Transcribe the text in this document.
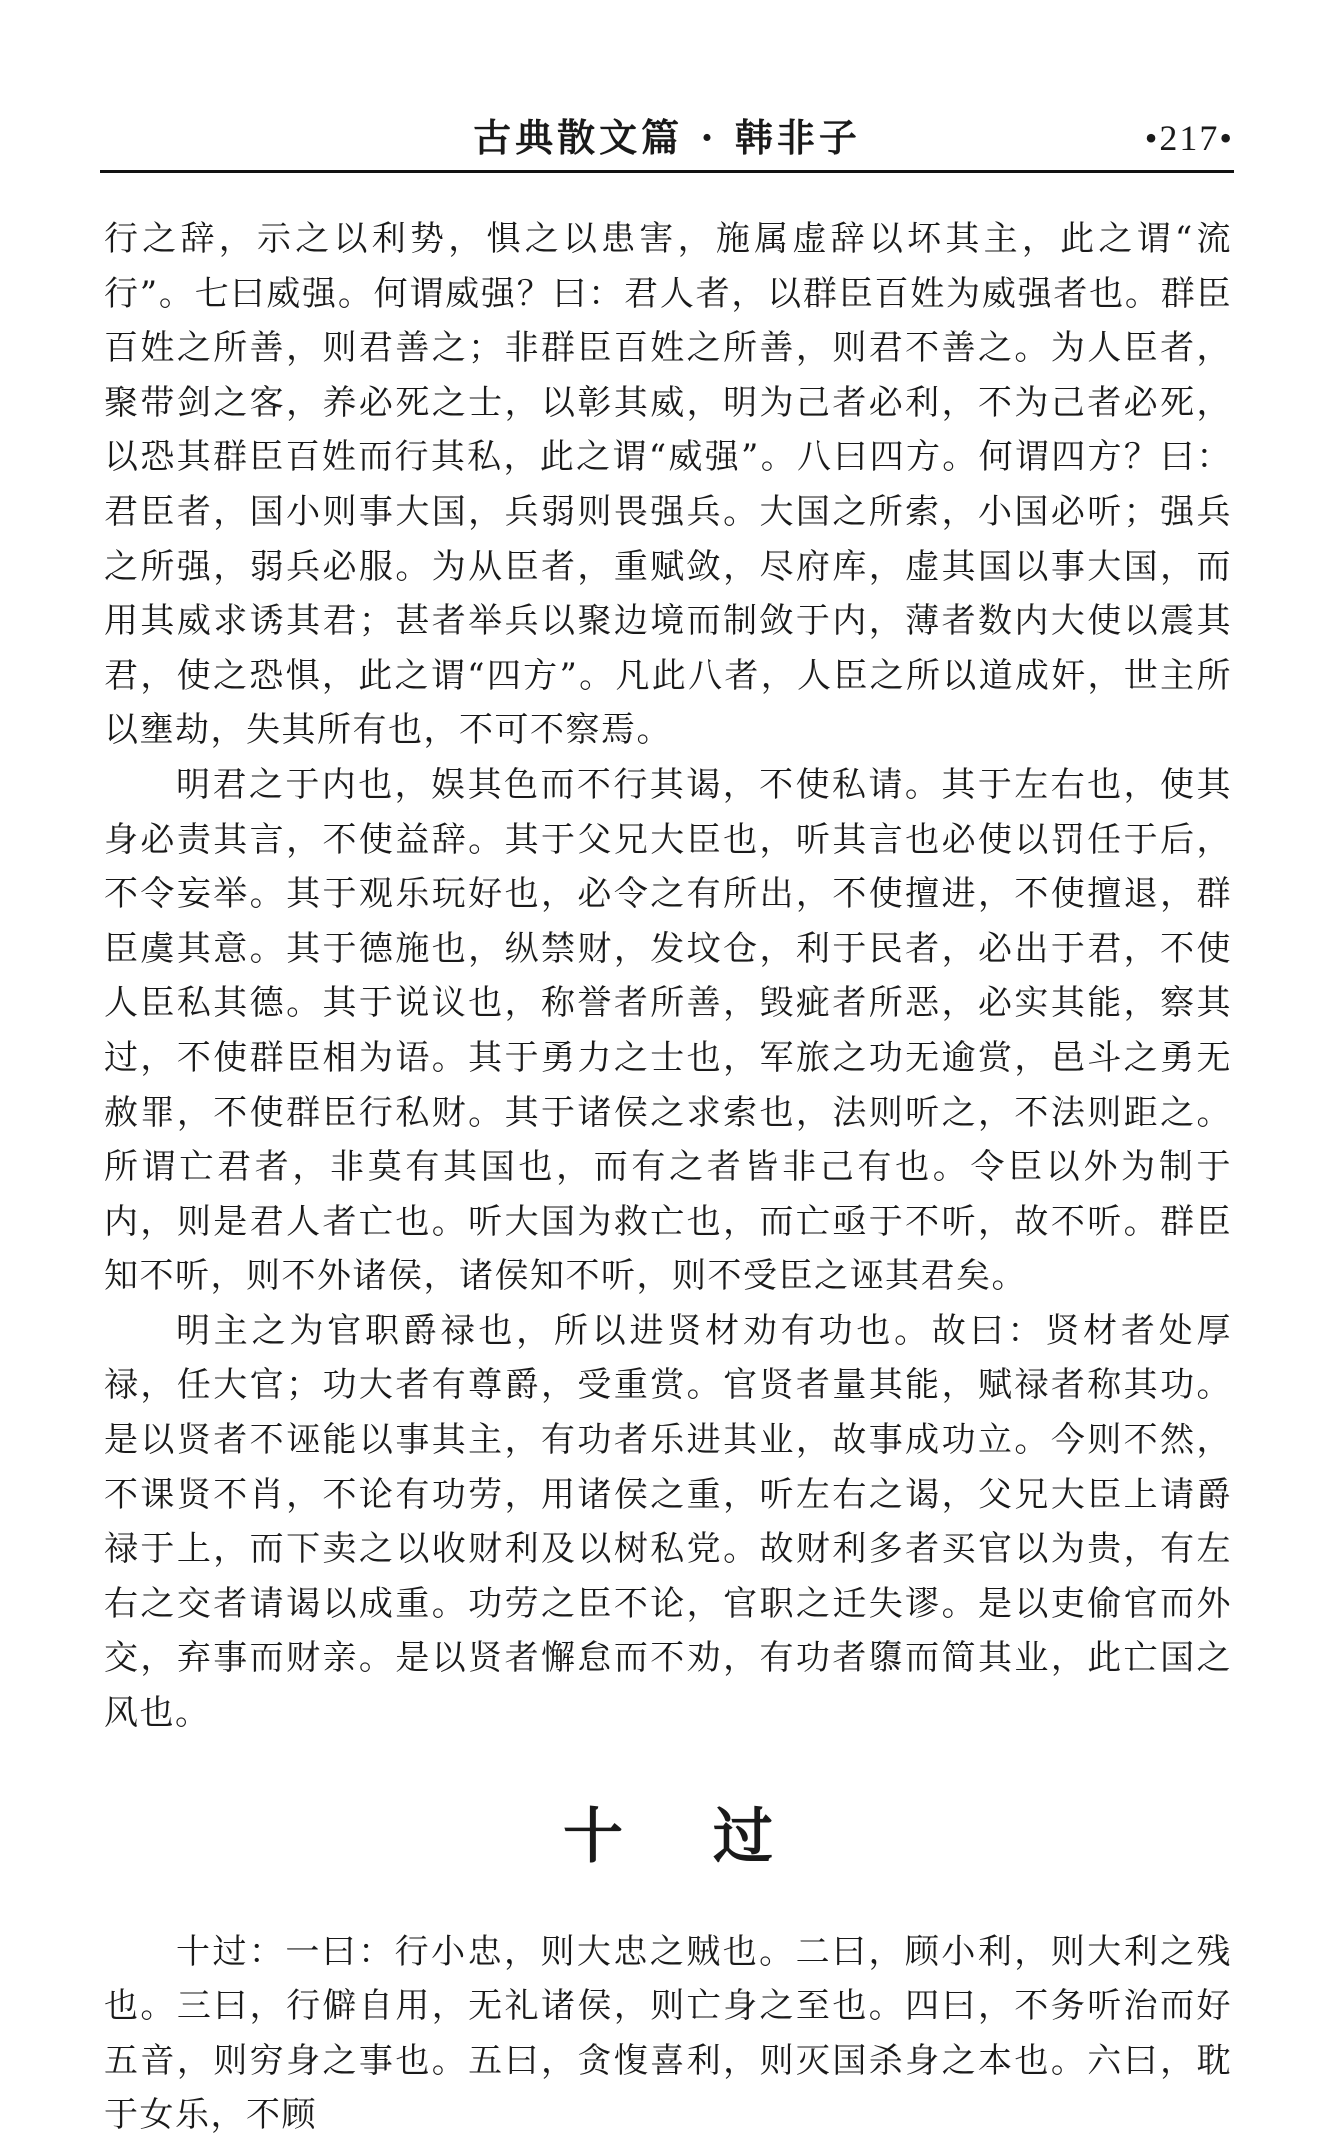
古典散文篇 · 韩非子	•217•

行之辞，示之以利势，惧之以患害，施属虚辞以坏其主，此之谓“流行”。七曰威强。何谓威强？曰：君人者，以群臣百姓为威强者也。群臣百姓之所善，则君善之；非群臣百姓之所善，则君不善之。为人臣者，聚带剑之客，养必死之士，以彰其威，明为己者必利，不为己者必死，以恐其群臣百姓而行其私，此之谓“威强”。八曰四方。何谓四方？曰：君臣者，国小则事大国，兵弱则畏强兵。大国之所索，小国必听；强兵之所强，弱兵必服。为从臣者，重赋敛，尽府库，虚其国以事大国，而用其威求诱其君；甚者举兵以聚边境而制敛于内，薄者数内大使以震其君，使之恐惧，此之谓“四方”。凡此八者，人臣之所以道成奸，世主所以壅劫，失其所有也，不可不察焉。

明君之于内也，娱其色而不行其谒，不使私请。其于左右也，使其身必责其言，不使益辞。其于父兄大臣也，听其言也必使以罚任于后，不令妄举。其于观乐玩好也，必令之有所出，不使擅进，不使擅退，群臣虞其意。其于德施也，纵禁财，发坟仓，利于民者，必出于君，不使人臣私其德。其于说议也，称誉者所善，毁疵者所恶，必实其能，察其过，不使群臣相为语。其于勇力之士也，军旅之功无逾赏，邑斗之勇无赦罪，不使群臣行私财。其于诸侯之求索也，法则听之，不法则距之。所谓亡君者，非莫有其国也，而有之者皆非己有也。令臣以外为制于内，则是君人者亡也。听大国为救亡也，而亡亟于不听，故不听。群臣知不听，则不外诸侯，诸侯知不听，则不受臣之诬其君矣。

明主之为官职爵禄也，所以进贤材劝有功也。故曰：贤材者处厚禄，任大官；功大者有尊爵，受重赏。官贤者量其能，赋禄者称其功。是以贤者不诬能以事其主，有功者乐进其业，故事成功立。今则不然，不课贤不肖，不论有功劳，用诸侯之重，听左右之谒，父兄大臣上请爵禄于上，而下卖之以收财利及以树私党。故财利多者买官以为贵，有左右之交者请谒以成重。功劳之臣不论，官职之迁失谬。是以吏偷官而外交，弃事而财亲。是以贤者懈怠而不劝，有功者隳而简其业，此亡国之风也。

十过

十过：一曰：行小忠，则大忠之贼也。二曰，顾小利，则大利之残也。三曰，行僻自用，无礼诸侯，则亡身之至也。四曰，不务听治而好五音，则穷身之事也。五曰，贪愎喜利，则灭国杀身之本也。六曰，耽于女乐，不顾
